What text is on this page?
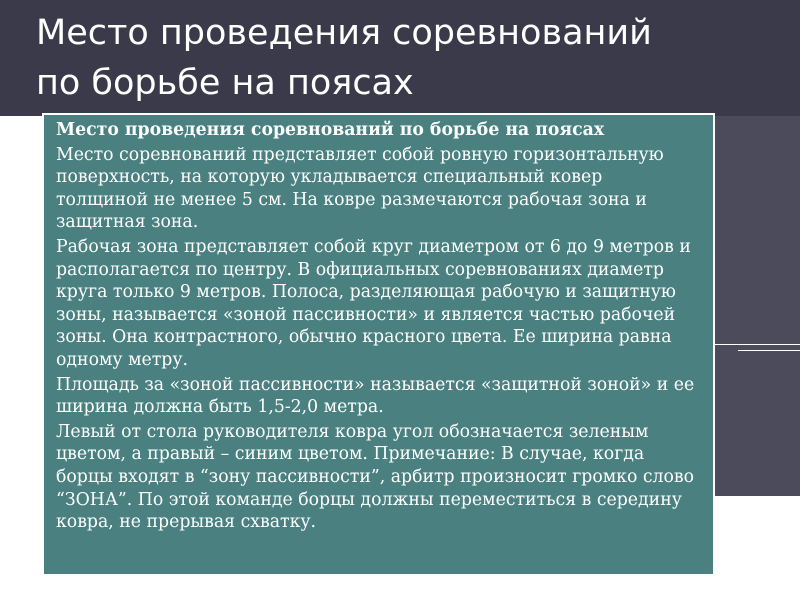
Место проведения соревнований
по борьбе на поясах

Место проведения соревнований по борьбе на поясах

Место соревнований представляет собой ровную горизонтальную поверхность, на которую укладывается специальный ковер толщиной не менее 5 см. На ковре размечаются рабочая зона и защитная зона.

Рабочая зона представляет собой круг диаметром от 6 до 9 метров и располагается по центру. В официальных соревнованиях диаметр круга только 9 метров. Полоса, разделяющая рабочую и защитную зоны, называется «зоной пассивности» и является частью рабочей зоны. Она контрастного, обычно красного цвета. Ее ширина равна одному метру.

Площадь за «зоной пассивности» называется «защитной зоной» и ее ширина должна быть 1,5-2,0 метра.

Левый от стола руководителя ковра угол обозначается зеленым цветом, а правый – синим цветом. Примечание: В случае, когда борцы входят в “зону пассивности”, арбитр произносит громко слово “ЗОНА”. По этой команде борцы должны переместиться в середину ковра, не прерывая схватку.
